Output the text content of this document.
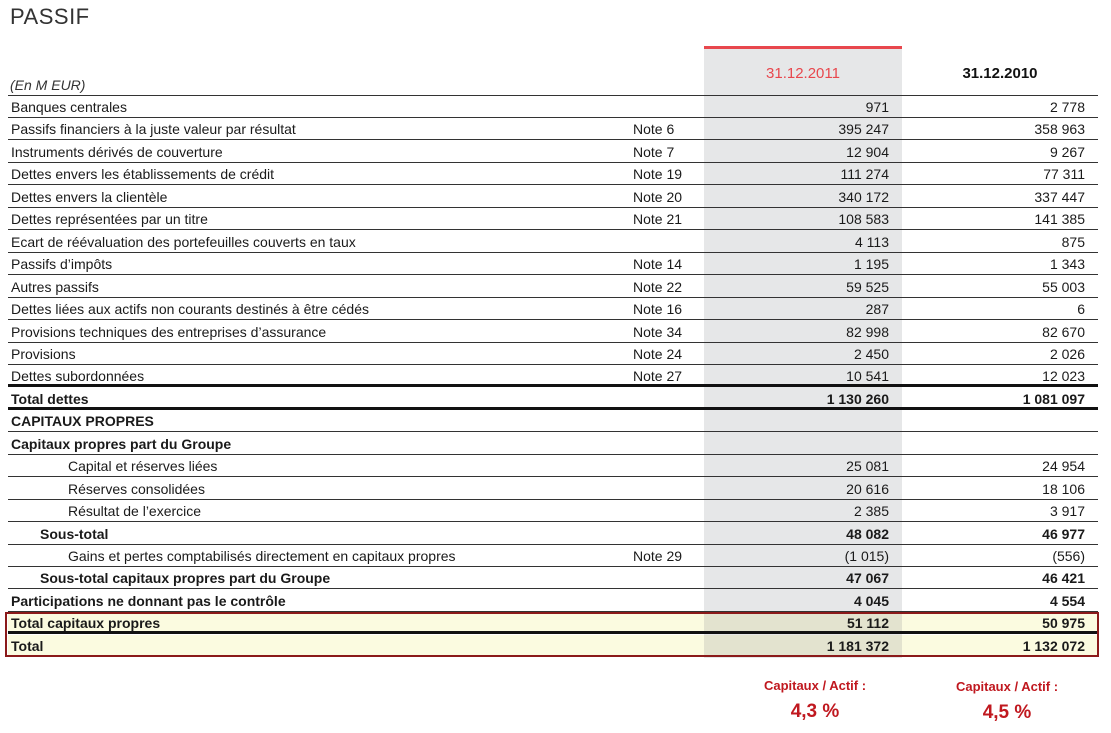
PASSIF
31.12.2011	31.12.2010
(En M EUR)
Banques centrales	971	2 778
Passifs financiers à la juste valeur par résultat	Note 6	395 247	358 963
Instruments dérivés de couverture	Note 7	12 904	9 267
Dettes envers les établissements de crédit	Note 19	111 274	77 311
Dettes envers la clientèle	Note 20	340 172	337 447
Dettes représentées par un titre	Note 21	108 583	141 385
Ecart de réévaluation des portefeuilles couverts en taux	4 113	875
Passifs d’impôts	Note 14	1 195	1 343
Autres passifs	Note 22	59 525	55 003
Dettes liées aux actifs non courants destinés à être cédés	Note 16	287	6
Provisions techniques des entreprises d’assurance	Note 34	82 998	82 670
Provisions	Note 24	2 450	2 026
Dettes subordonnées	Note 27	10 541	12 023
Total dettes	1 130 260	1 081 097
CAPITAUX PROPRES
Capitaux propres part du Groupe
Capital et réserves liées	25 081	24 954
Réserves consolidées	20 616	18 106
Résultat de l’exercice	2 385	3 917
Sous-total	48 082	46 977
Gains et pertes comptabilisés directement en capitaux propres	Note 29	(1 015)	(556)
Sous-total capitaux propres part du Groupe	47 067	46 421
Participations ne donnant pas le contrôle	4 045	4 554
Total capitaux propres	51 112	50 975
Total	1 181 372	1 132 072
Capitaux / Actif :
4,3 %
Capitaux / Actif :
4,5 %
